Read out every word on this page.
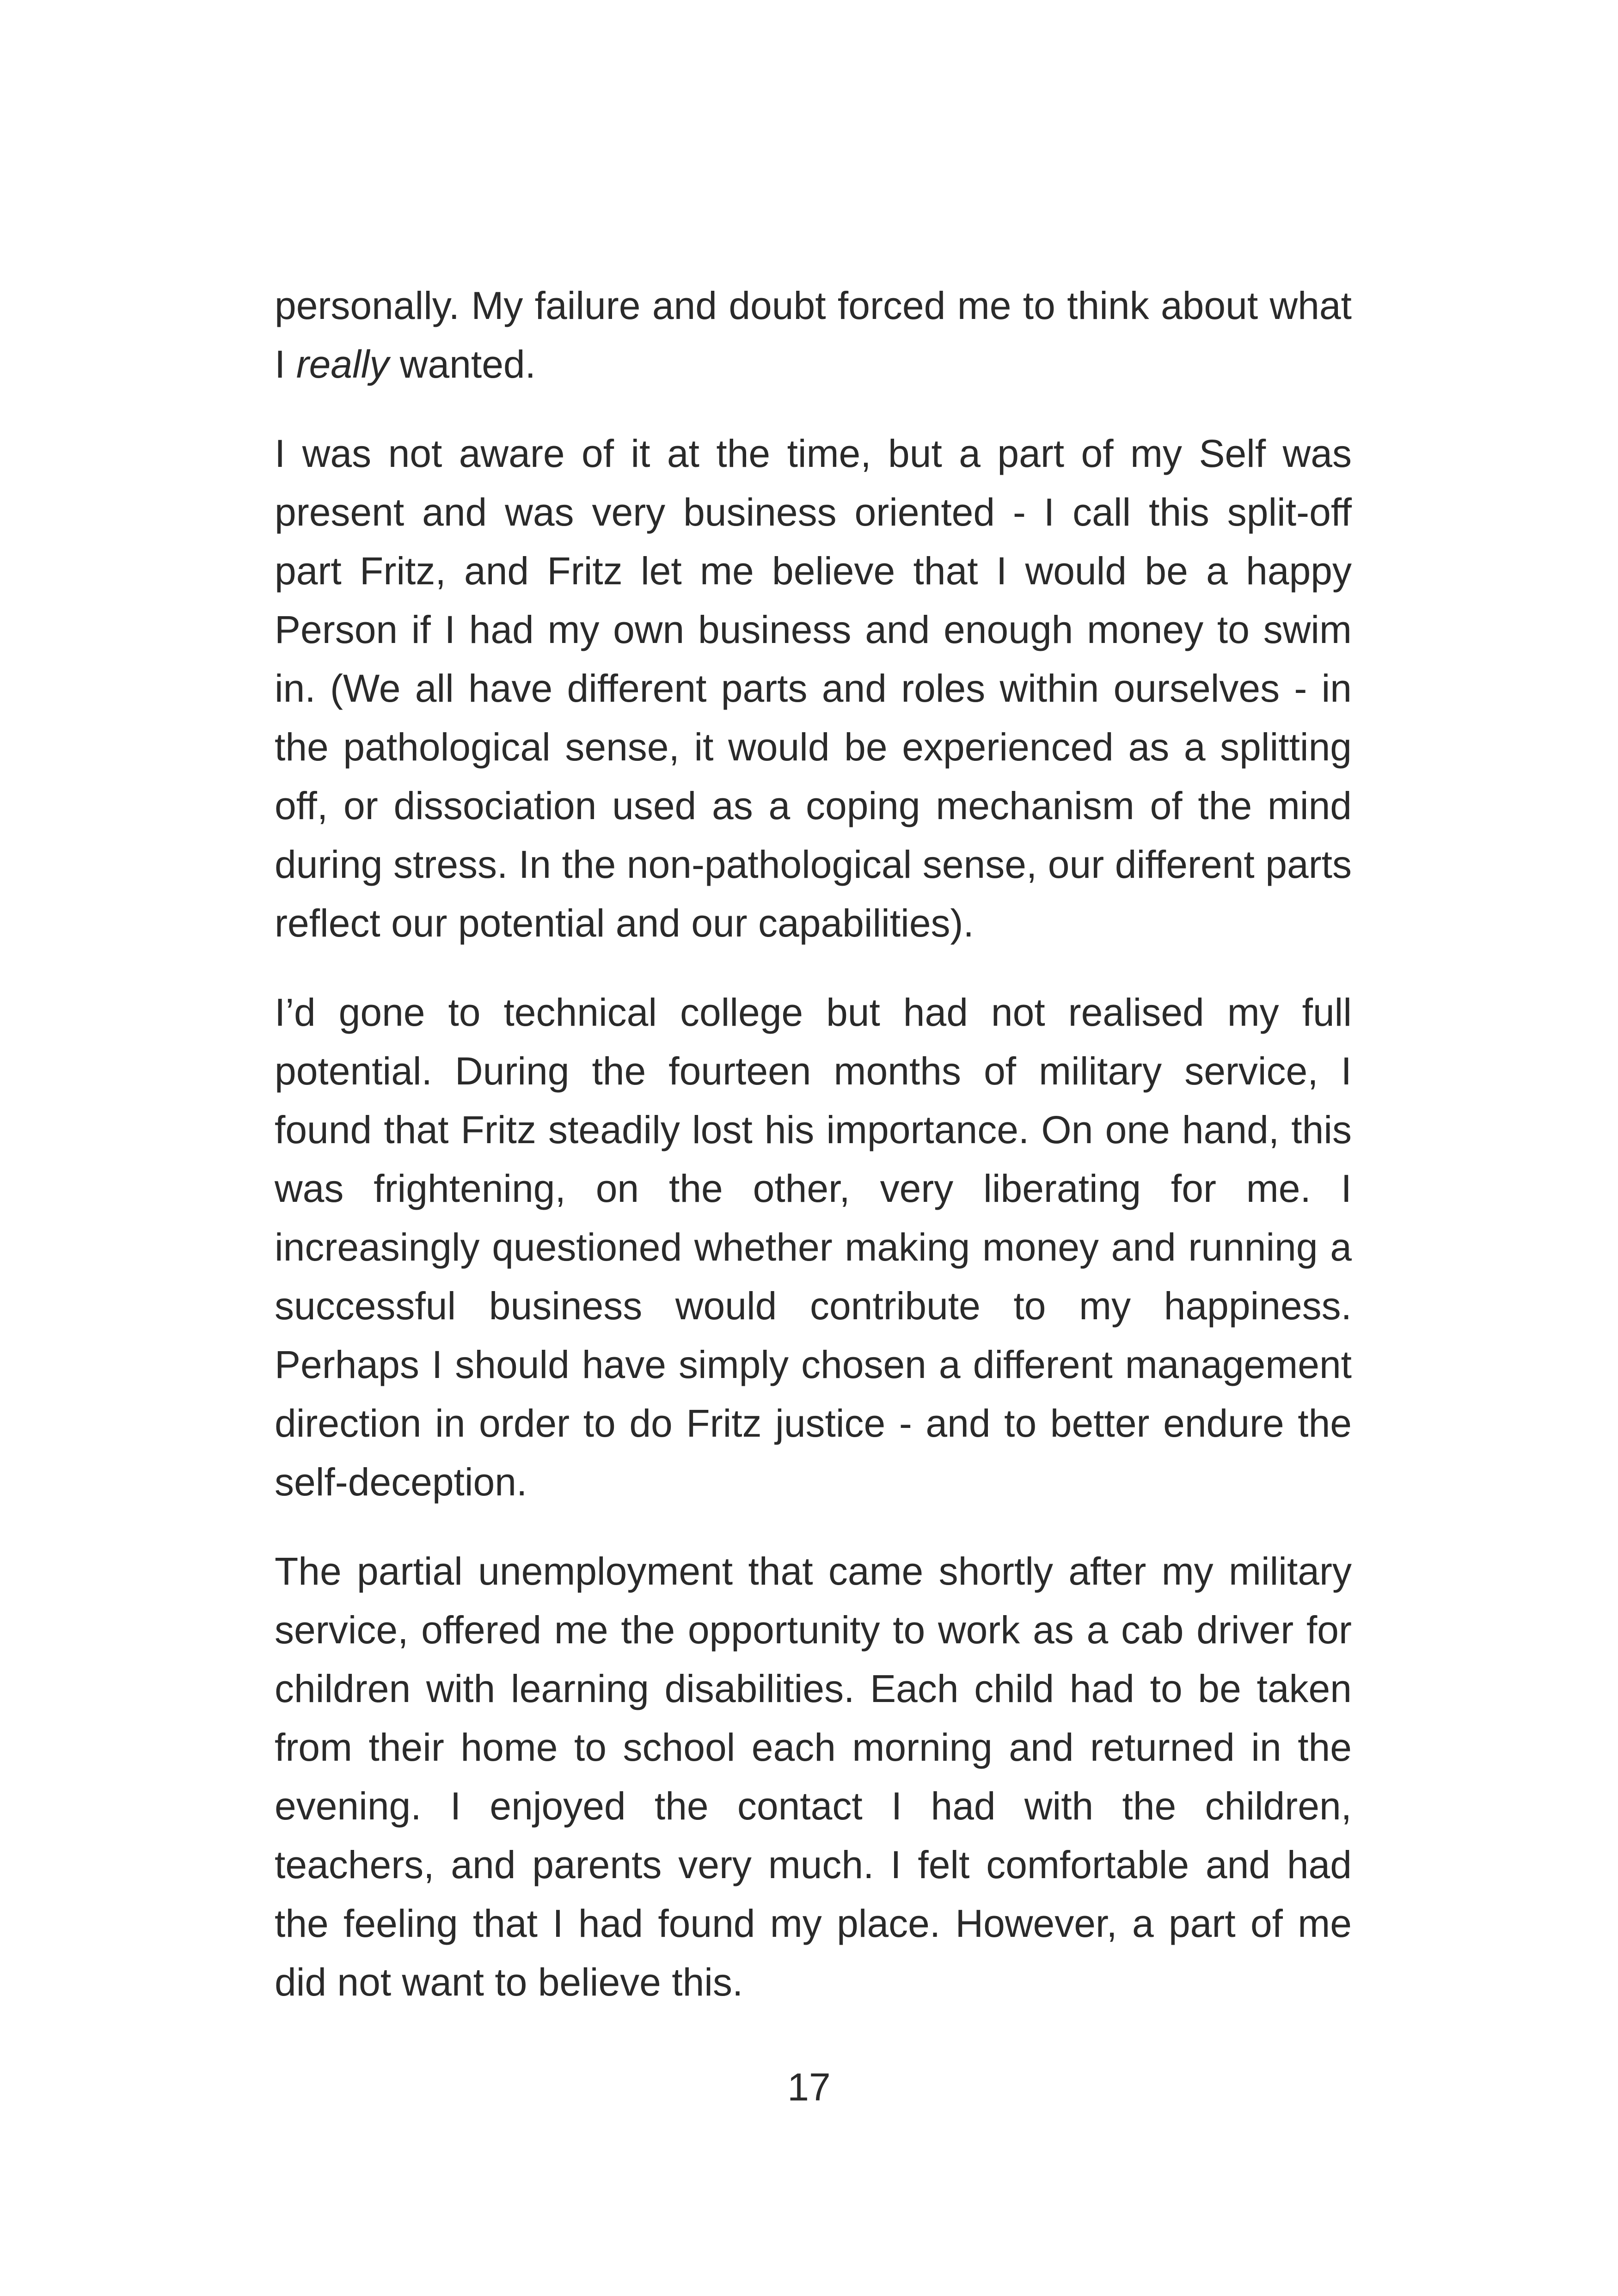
personally. My failure and doubt forced me to think about what I really wanted.

I was not aware of it at the time, but a part of my Self was present and was very business oriented - I call this split-off part Fritz, and Fritz let me believe that I would be a happy Person if I had my own business and enough money to swim in. (We all have different parts and roles within ourselves - in the pathological sense, it would be experienced as a splitting off, or dissociation used as a coping mechanism of the mind during stress. In the non-pathological sense, our different parts reflect our potential and our capabilities).

I’d gone to technical college but had not realised my full potential. During the fourteen months of military service, I found that Fritz steadily lost his importance. On one hand, this was frightening, on the other, very liberating for me. I increasingly questioned whether making money and running a successful business would contribute to my happiness. Perhaps I should have simply chosen a different management direction in order to do Fritz justice - and to better endure the self-deception.

The partial unemployment that came shortly after my military service, offered me the opportunity to work as a cab driver for children with learning disabilities. Each child had to be taken from their home to school each morning and returned in the evening. I enjoyed the contact I had with the children, teachers, and parents very much. I felt comfortable and had the feeling that I had found my place. However, a part of me did not want to believe this.

17
